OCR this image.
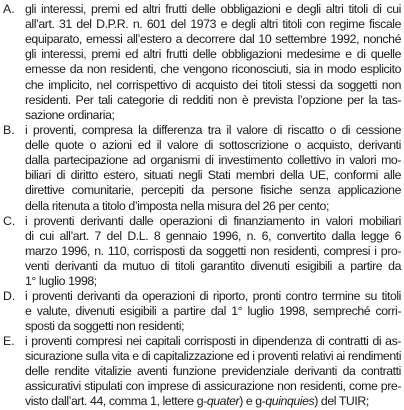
A. gli interessi, premi ed altri frutti delle obbligazioni e degli altri titoli di cui
all’art. 31 del D.P.R. n. 601 del 1973 e degli altri titoli con regime fiscale
equiparato, emessi all’estero a decorrere dal 10 settembre 1992, nonché
gli interessi, premi ed altri frutti delle obbligazioni medesime e di quelle
emesse da non residenti, che vengono riconosciuti, sia in modo esplicito
che implicito, nel corrispettivo di acquisto dei titoli stessi da soggetti non
residenti. Per tali categorie di redditi non è prevista l’opzione per la tas-
sazione ordinaria;
B. i proventi, compresa la differenza tra il valore di riscatto o di cessione
delle quote o azioni ed il valore di sottoscrizione o acquisto, derivanti
dalla partecipazione ad organismi di investimento collettivo in valori mo-
biliari di diritto estero, situati negli Stati membri della UE, conformi alle
direttive comunitarie, percepiti da persone fisiche senza applicazione
della ritenuta a titolo d’imposta nella misura del 26 per cento;
C. i proventi derivanti dalle operazioni di finanziamento in valori mobiliari
di cui all’art. 7 del D.L. 8 gennaio 1996, n. 6, convertito dalla legge 6
marzo 1996, n. 110, corrisposti da soggetti non residenti, compresi i pro-
venti derivanti da mutuo di titoli garantito divenuti esigibili a partire da
1° luglio 1998;
D. i proventi derivanti da operazioni di riporto, pronti contro termine su titoli
e valute, divenuti esigibili a partire dal 1° luglio 1998, sempreché corri-
sposti da soggetti non residenti;
E. i proventi compresi nei capitali corrisposti in dipendenza di contratti di as-
sicurazione sulla vita e di capitalizzazione ed i proventi relativi ai rendimenti
delle rendite vitalizie aventi funzione previdenziale derivanti da contratti
assicurativi stipulati con imprese di assicurazione non residenti, come pre-
visto dall’art. 44, comma 1, lettere g-quater) e g-quinquies) del TUIR;
